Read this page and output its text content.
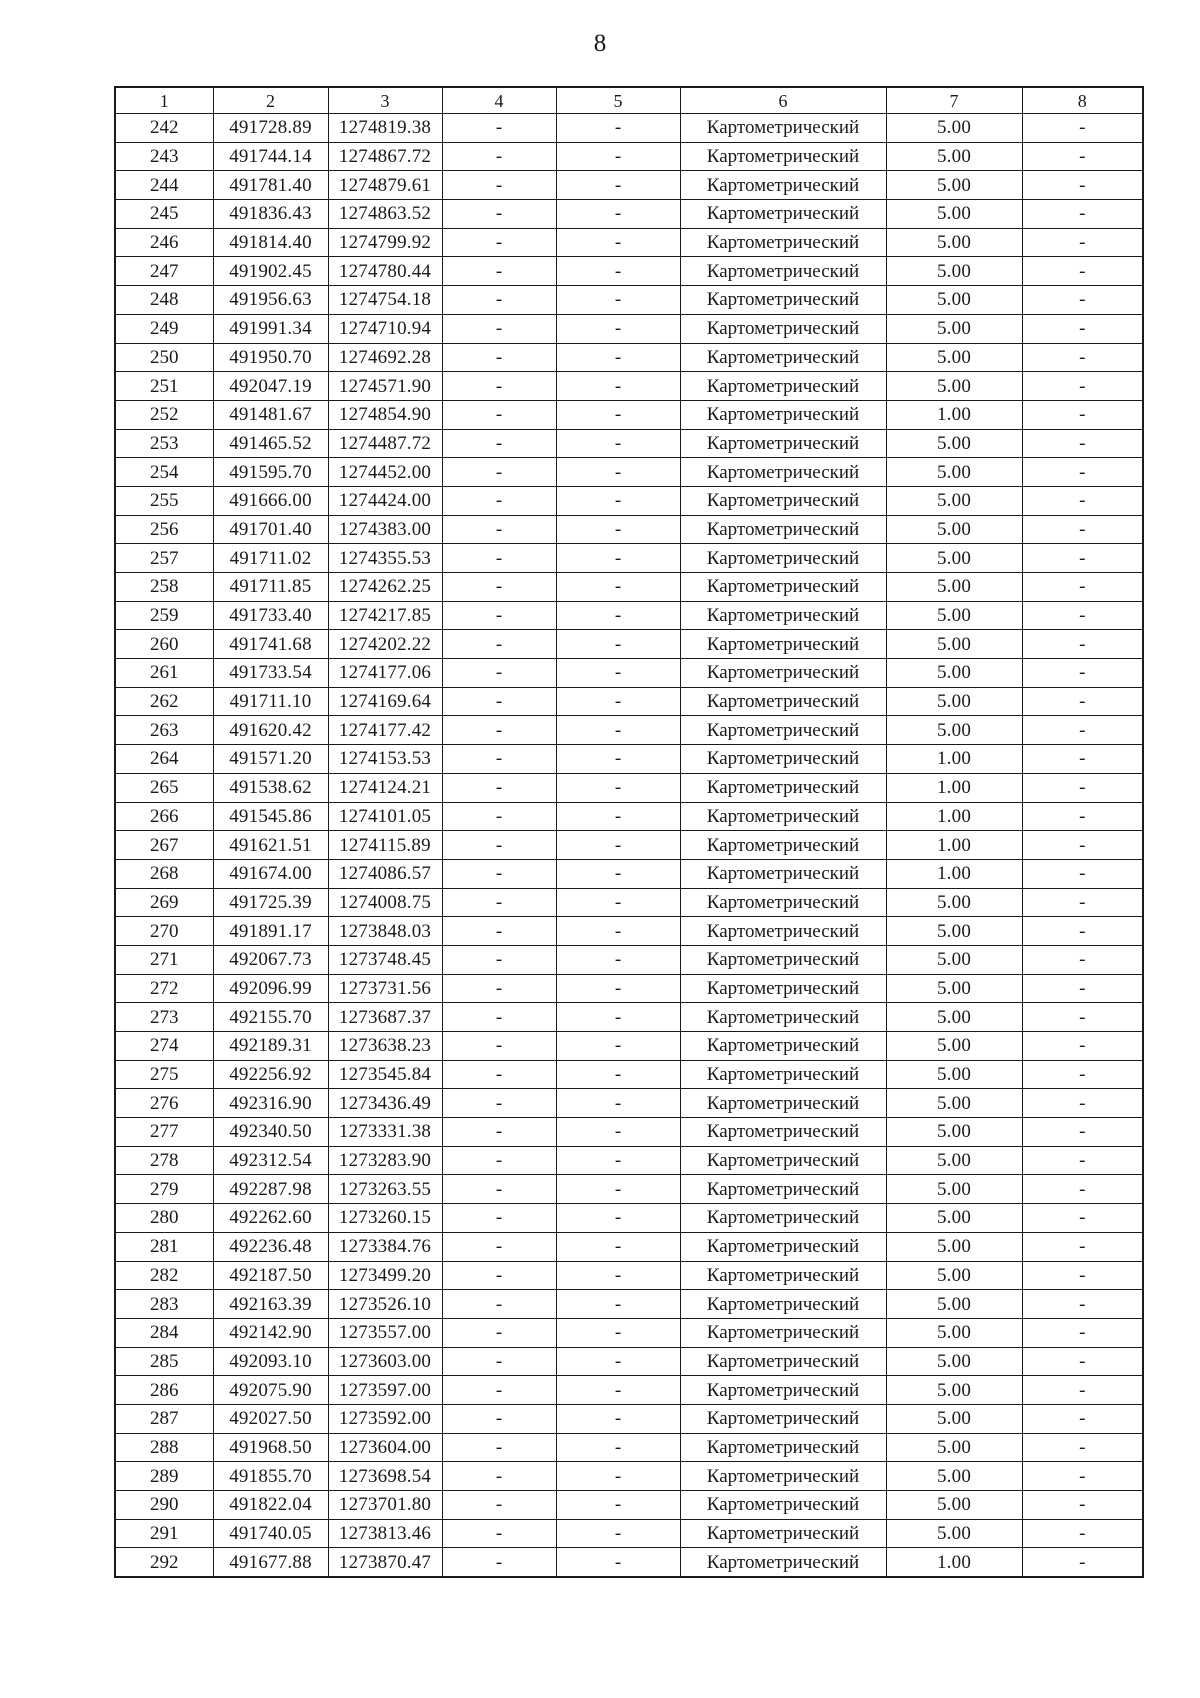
8
1	2	3	4	5	6	7	8
242	491728.89	1274819.38	-	-	Картометрический	5.00	-
243	491744.14	1274867.72	-	-	Картометрический	5.00	-
244	491781.40	1274879.61	-	-	Картометрический	5.00	-
245	491836.43	1274863.52	-	-	Картометрический	5.00	-
246	491814.40	1274799.92	-	-	Картометрический	5.00	-
247	491902.45	1274780.44	-	-	Картометрический	5.00	-
248	491956.63	1274754.18	-	-	Картометрический	5.00	-
249	491991.34	1274710.94	-	-	Картометрический	5.00	-
250	491950.70	1274692.28	-	-	Картометрический	5.00	-
251	492047.19	1274571.90	-	-	Картометрический	5.00	-
252	491481.67	1274854.90	-	-	Картометрический	1.00	-
253	491465.52	1274487.72	-	-	Картометрический	5.00	-
254	491595.70	1274452.00	-	-	Картометрический	5.00	-
255	491666.00	1274424.00	-	-	Картометрический	5.00	-
256	491701.40	1274383.00	-	-	Картометрический	5.00	-
257	491711.02	1274355.53	-	-	Картометрический	5.00	-
258	491711.85	1274262.25	-	-	Картометрический	5.00	-
259	491733.40	1274217.85	-	-	Картометрический	5.00	-
260	491741.68	1274202.22	-	-	Картометрический	5.00	-
261	491733.54	1274177.06	-	-	Картометрический	5.00	-
262	491711.10	1274169.64	-	-	Картометрический	5.00	-
263	491620.42	1274177.42	-	-	Картометрический	5.00	-
264	491571.20	1274153.53	-	-	Картометрический	1.00	-
265	491538.62	1274124.21	-	-	Картометрический	1.00	-
266	491545.86	1274101.05	-	-	Картометрический	1.00	-
267	491621.51	1274115.89	-	-	Картометрический	1.00	-
268	491674.00	1274086.57	-	-	Картометрический	1.00	-
269	491725.39	1274008.75	-	-	Картометрический	5.00	-
270	491891.17	1273848.03	-	-	Картометрический	5.00	-
271	492067.73	1273748.45	-	-	Картометрический	5.00	-
272	492096.99	1273731.56	-	-	Картометрический	5.00	-
273	492155.70	1273687.37	-	-	Картометрический	5.00	-
274	492189.31	1273638.23	-	-	Картометрический	5.00	-
275	492256.92	1273545.84	-	-	Картометрический	5.00	-
276	492316.90	1273436.49	-	-	Картометрический	5.00	-
277	492340.50	1273331.38	-	-	Картометрический	5.00	-
278	492312.54	1273283.90	-	-	Картометрический	5.00	-
279	492287.98	1273263.55	-	-	Картометрический	5.00	-
280	492262.60	1273260.15	-	-	Картометрический	5.00	-
281	492236.48	1273384.76	-	-	Картометрический	5.00	-
282	492187.50	1273499.20	-	-	Картометрический	5.00	-
283	492163.39	1273526.10	-	-	Картометрический	5.00	-
284	492142.90	1273557.00	-	-	Картометрический	5.00	-
285	492093.10	1273603.00	-	-	Картометрический	5.00	-
286	492075.90	1273597.00	-	-	Картометрический	5.00	-
287	492027.50	1273592.00	-	-	Картометрический	5.00	-
288	491968.50	1273604.00	-	-	Картометрический	5.00	-
289	491855.70	1273698.54	-	-	Картометрический	5.00	-
290	491822.04	1273701.80	-	-	Картометрический	5.00	-
291	491740.05	1273813.46	-	-	Картометрический	5.00	-
292	491677.88	1273870.47	-	-	Картометрический	1.00	-
